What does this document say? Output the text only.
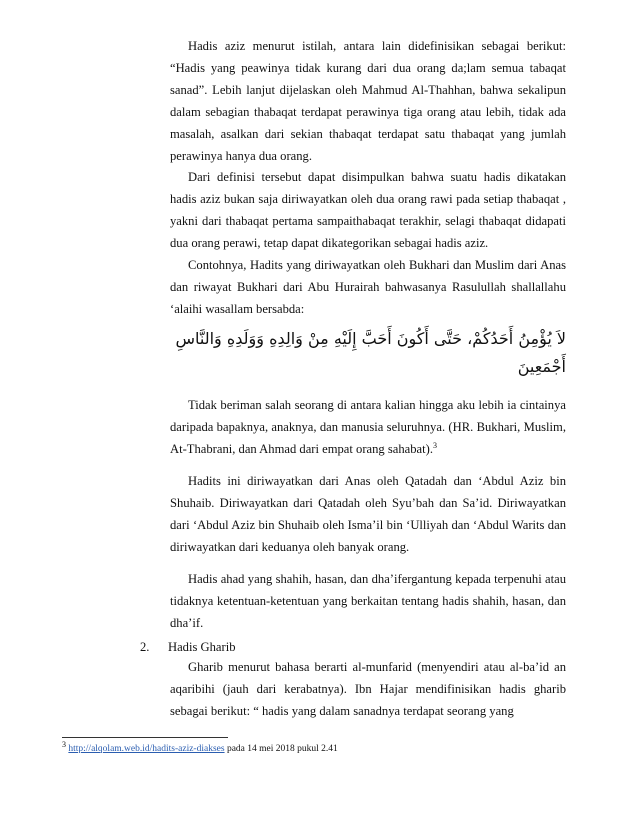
Hadis aziz menurut istilah, antara lain didefinisikan sebagai berikut: “Hadis yang peawinya tidak kurang dari dua orang da;lam semua tabaqat sanad”. Lebih lanjut dijelaskan oleh Mahmud Al-Thahhan, bahwa sekalipun dalam sebagian thabaqat terdapat perawinya tiga orang atau lebih, tidak ada masalah, asalkan dari sekian thabaqat terdapat satu thabaqat yang jumlah perawinya hanya dua orang.

Dari definisi tersebut dapat disimpulkan bahwa suatu hadis dikatakan hadis aziz bukan saja diriwayatkan oleh dua orang rawi pada setiap thabaqat , yakni dari thabaqat pertama sampaithabaqat terakhir, selagi thabaqat didapati dua orang perawi, tetap dapat dikategorikan sebagai hadis aziz.

Contohnya, Hadits yang diriwayatkan oleh Bukhari dan Muslim dari Anas dan riwayat Bukhari dari Abu Hurairah bahwasanya Rasulullah shallallahu ‘alaihi wasallam bersabda:

لاَ يُؤْمِنُ أَحَدُكُمْ، حَتَّى أَكُونَ أَحَبَّ إِلَيْهِ مِنْ وَالِدِهِ وَوَلَدِهِ وَالنَّاسِ أَجْمَعِينَ

Tidak beriman salah seorang di antara kalian hingga aku lebih ia cintainya daripada bapaknya, anaknya, dan manusia seluruhnya. (HR. Bukhari, Muslim, At-Thabrani, dan Ahmad dari empat orang sahabat).$^3$

Hadits ini diriwayatkan dari Anas oleh Qatadah dan ‘Abdul Aziz bin Shuhaib. Diriwayatkan dari Qatadah oleh Syu’bah dan Sa’id. Diriwayatkan dari ‘Abdul Aziz bin Shuhaib oleh Isma’il bin ‘Ulliyah dan ‘Abdul Warits dan diriwayatkan dari keduanya oleh banyak orang.

Hadis ahad yang shahih, hasan, dan dha’ifergantung kepada terpenuhi atau tidaknya ketentuan-ketentuan yang berkaitan tentang hadis shahih, hasan, dan dha’if.

2. Hadis Gharib
$^3$ http://alqolam.web.id/hadits-aziz-diakses pada 14 mei 2018 pukul 2.41

Gharib menurut bahasa berarti al-munfarid (menyendiri atau al-ba’id an aqaribihi (jauh dari kerabatnya). Ibn Hajar mendifinisikan hadis gharib sebagai berikut: “ hadis yang dalam sanadnya terdapat seorang yang
